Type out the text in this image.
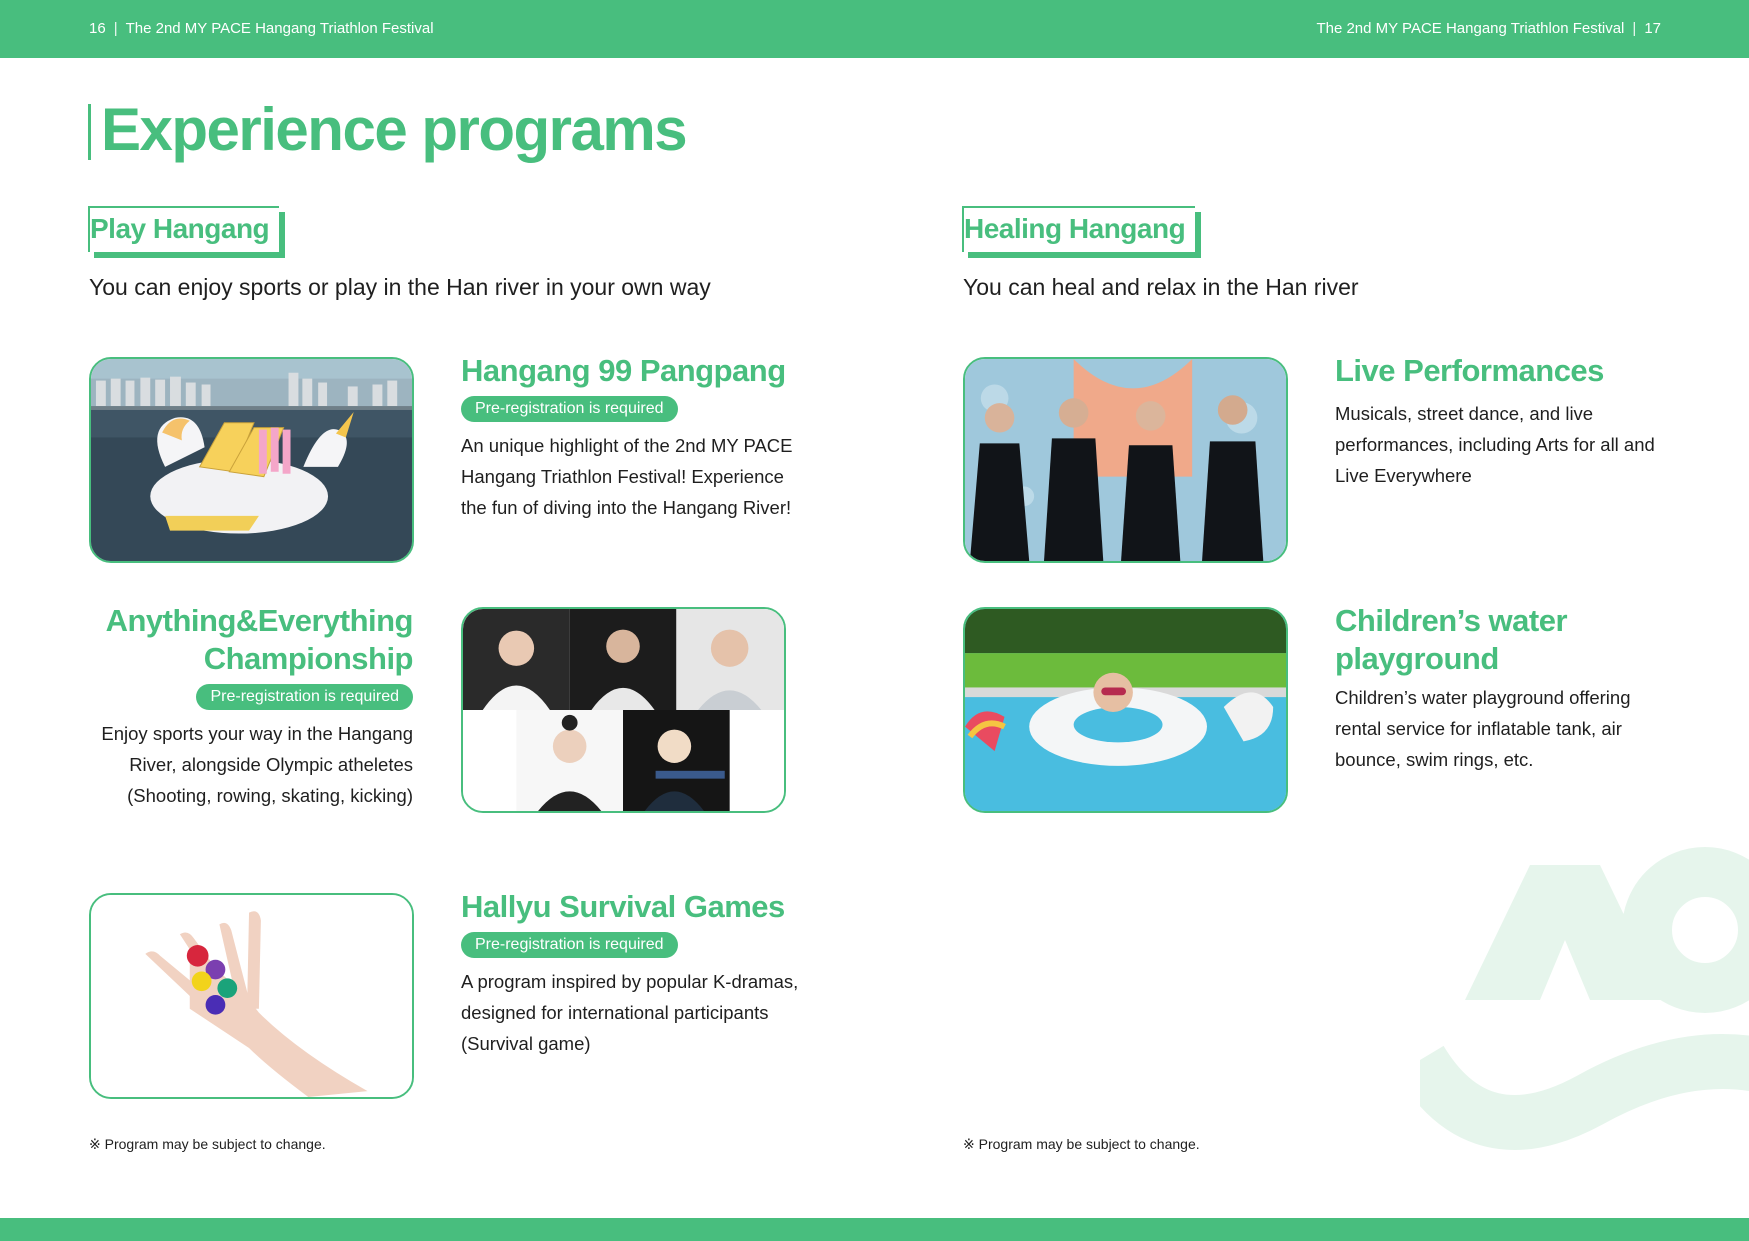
16 | The 2nd MY PACE Hangang Triathlon Festival	The 2nd MY PACE Hangang Triathlon Festival | 17
Experience programs
Play Hangang
You can enjoy sports or play in the Han river in your own way
Healing Hangang
You can heal and relax in the Han river
Hangang 99 Pangpang
Pre-registration is required

An unique highlight of the 2nd MY PACE
Hangang Triathlon Festival! Experience
the fun of diving into the Hangang River!

Anything&Everything
Championship
Pre-registration is required

Enjoy sports your way in the Hangang
River, alongside Olympic atheletes
(Shooting, rowing, skating, kicking)

Hallyu Survival Games
Pre-registration is required

A program inspired by popular K-dramas,
designed for international participants
(Survival game)

Live Performances

Musicals, street dance, and live
performances, including Arts for all and
Live Everywhere

Children’s water
playground

Children’s water playground offering
rental service for inflatable tank, air
bounce, swim rings, etc.

※ Program may be subject to change.	※ Program may be subject to change.
